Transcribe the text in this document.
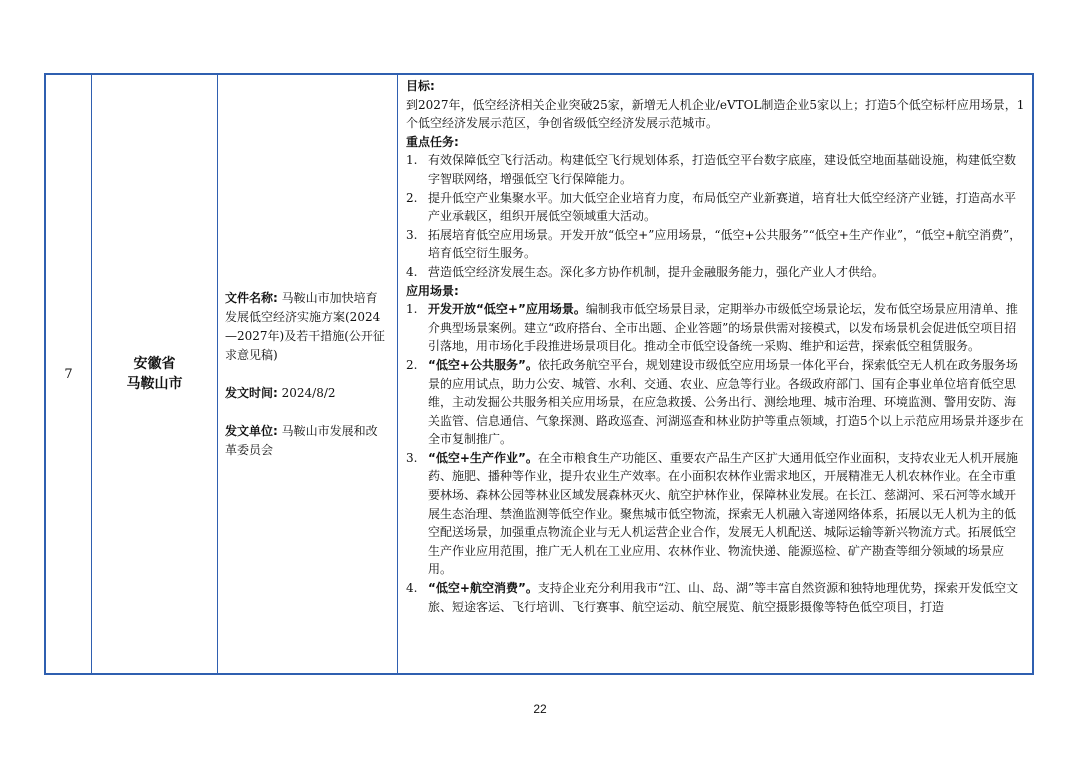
7
安徽省
马鞍山市

文件名称: 马鞍山市加快培育发展低空经济实施方案(2024—2027年)及若干措施(公开征求意见稿)

发文时间: 2024/8/2

发文单位: 马鞍山市发展和改革委员会

目标:

到2027年，低空经济相关企业突破25家，新增无人机企业/eVTOL制造企业5家以上；打造5个低空标杆应用场景，1个低空经济发展示范区，争创省级低空经济发展示范城市。

重点任务:

1. 有效保障低空飞行活动。构建低空飞行规划体系，打造低空平台数字底座，建设低空地面基础设施，构建低空数字智联网络，增强低空飞行保障能力。
2. 提升低空产业集聚水平。加大低空企业培育力度，布局低空产业新赛道，培育壮大低空经济产业链，打造高水平产业承载区，组织开展低空领域重大活动。
3. 拓展培育低空应用场景。开发开放“低空+”应用场景，“低空+公共服务”“低空+生产作业”，“低空+航空消费”，培育低空衍生服务。
4. 营造低空经济发展生态。深化多方协作机制，提升金融服务能力，强化产业人才供给。

应用场景:

1. 开发开放“低空+”应用场景。编制我市低空场景目录，定期举办市级低空场景论坛，发布低空场景应用清单、推介典型场景案例。建立“政府搭台、全市出题、企业答题”的场景供需对接模式，以发布场景机会促进低空项目招引落地，用市场化手段推进场景项目化。推动全市低空设备统一采购、维护和运营，探索低空租赁服务。
2. “低空+公共服务”。依托政务航空平台，规划建设市级低空应用场景一体化平台，探索低空无人机在政务服务场景的应用试点，助力公安、城管、水利、交通、农业、应急等行业。各级政府部门、国有企事业单位培育低空思维，主动发掘公共服务相关应用场景，在应急救援、公务出行、测绘地理、城市治理、环境监测、警用安防、海关监管、信息通信、气象探测、路政巡查、河湖巡查和林业防护等重点领域，打造5个以上示范应用场景并逐步在全市复制推广。
3. “低空+生产作业”。在全市粮食生产功能区、重要农产品生产区扩大通用低空作业面积，支持农业无人机开展施药、施肥、播种等作业，提升农业生产效率。在小面积农林作业需求地区，开展精准无人机农林作业。在全市重要林场、森林公园等林业区域发展森林灭火、航空护林作业，保障林业发展。在长江、慈湖河、采石河等水域开展生态治理、禁渔监测等低空作业。聚焦城市低空物流，探索无人机融入寄递网络体系，拓展以无人机为主的低空配送场景，加强重点物流企业与无人机运营企业合作，发展无人机配送、城际运输等新兴物流方式。拓展低空生产作业应用范围，推广无人机在工业应用、农林作业、物流快递、能源巡检、矿产勘查等细分领域的场景应用。
4. “低空+航空消费”。支持企业充分利用我市“江、山、岛、湖”等丰富自然资源和独特地理优势，探索开发低空文旅、短途客运、飞行培训、飞行赛事、航空运动、航空展览、航空摄影摄像等特色低空项目，打造
22
